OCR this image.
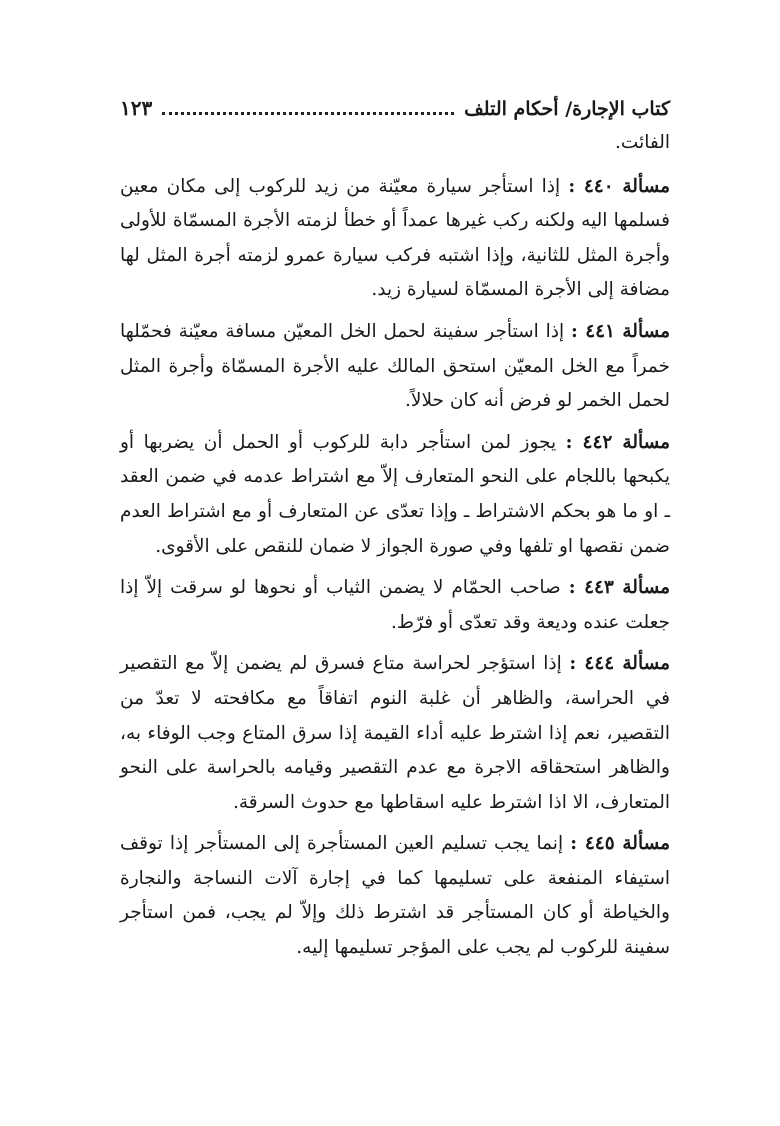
كتاب الإجارة/ أحكام التلف
١٢٣

الفائت.

مسألة ٤٤٠ : إذا استأجر سيارة معيّنة من زيد للركوب إلى مكان معين فسلمها اليه ولكنه ركب غيرها عمداً أو خطأ لزمته الأجرة المسمّاة للأولى وأجرة المثل للثانية، وإذا اشتبه فركب سيارة عمرو لزمته أجرة المثل لها مضافة إلى الأجرة المسمّاة لسيارة زيد.

مسألة ٤٤١ : إذا استأجر سفينة لحمل الخل المعيّن مسافة معيّنة فحمّلها خمراً مع الخل المعيّن استحق المالك عليه الأجرة المسمّاة وأجرة المثل لحمل الخمر لو فرض أنه كان حلالاً.

مسألة ٤٤٢ : يجوز لمن استأجر دابة للركوب أو الحمل أن يضربها أو يكبحها باللجام على النحو المتعارف إلاّ مع اشتراط عدمه في ضمن العقد ـ او ما هو بحكم الاشتراط ـ وإذا تعدّى عن المتعارف أو مع اشتراط العدم ضمن نقصها او تلفها وفي صورة الجواز لا ضمان للنقص على الأقوى.

مسألة ٤٤٣ : صاحب الحمّام لا يضمن الثياب أو نحوها لو سرقت إلاّ إذا جعلت عنده وديعة وقد تعدّى أو فرّط.

مسألة ٤٤٤ : إذا استؤجر لحراسة متاع فسرق لم يضمن إلاّ مع التقصير في الحراسة، والظاهر أن غلبة النوم اتفاقاً مع مكافحته لا تعدّ من التقصير، نعم إذا اشترط عليه أداء القيمة إذا سرق المتاع وجب الوفاء به، والظاهر استحقاقه الاجرة مع عدم التقصير وقيامه بالحراسة على النحو المتعارف، الا اذا اشترط عليه اسقاطها مع حدوث السرقة.

مسألة ٤٤٥ : إنما يجب تسليم العين المستأجرة إلى المستأجر إذا توقف استيفاء المنفعة على تسليمها كما في إجارة آلات النساجة والنجارة والخياطة أو كان المستأجر قد اشترط ذلك وإلاّ لم يجب، فمن استأجر سفينة للركوب لم يجب على المؤجر تسليمها إليه.
